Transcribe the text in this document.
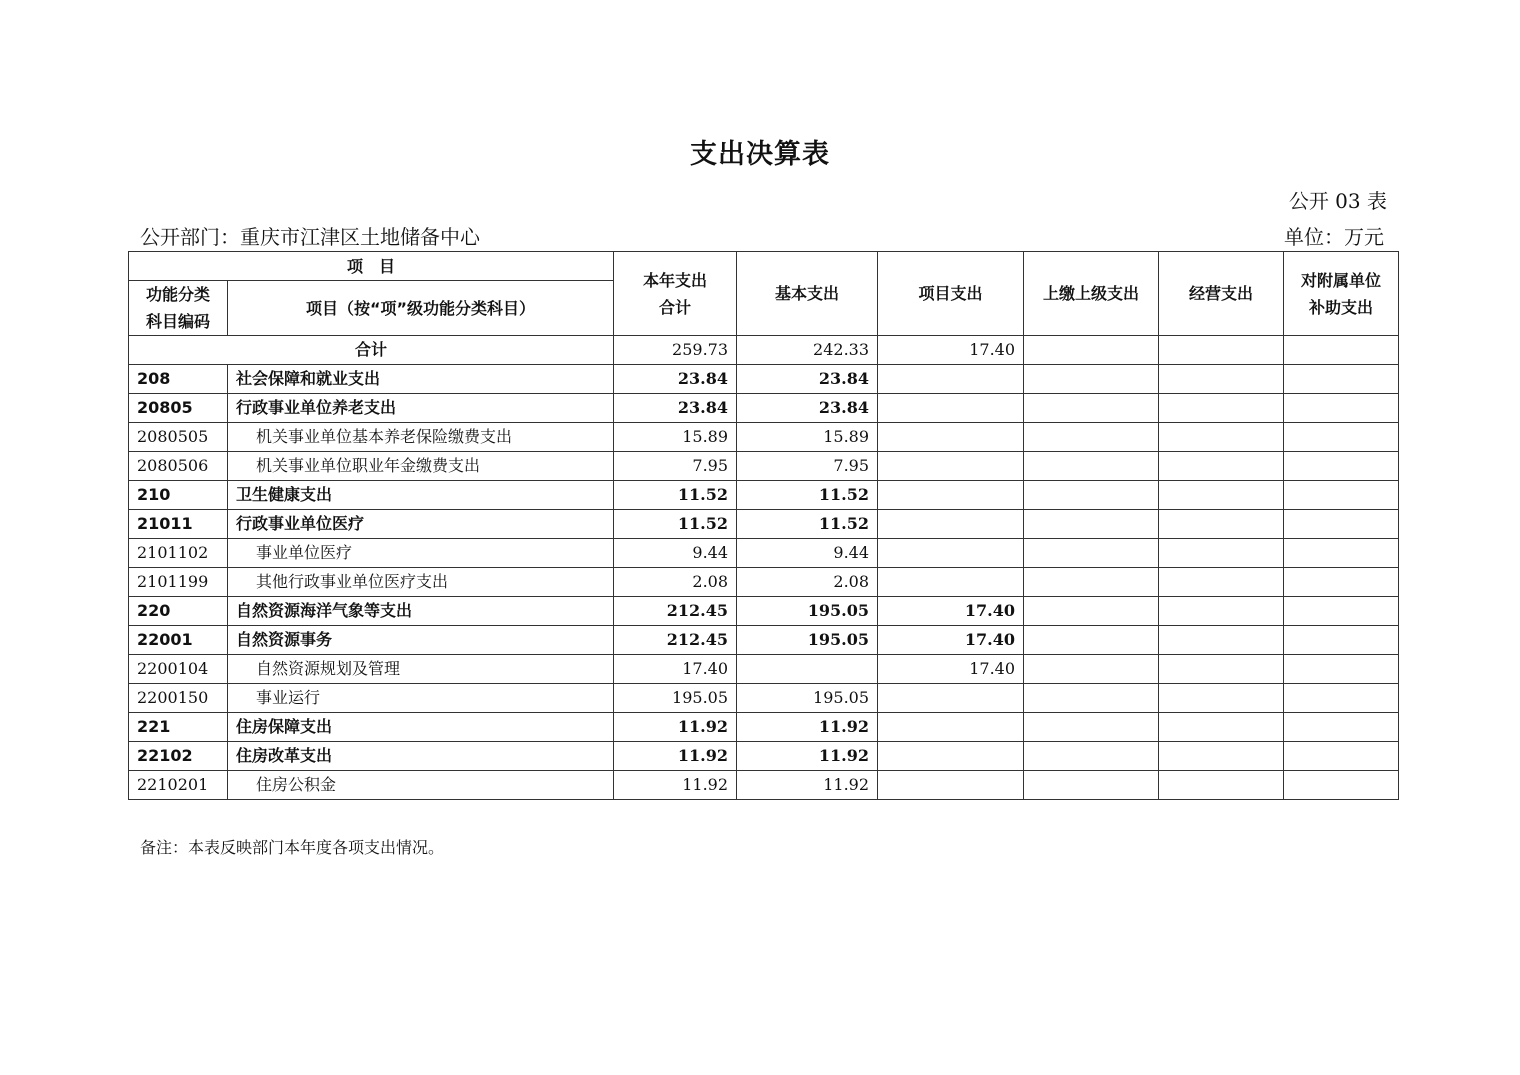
支出决算表
公开 03 表
公开部门：重庆市江津区土地储备中心	单位：万元
项　目		本年支出合计	基本支出	项目支出	上缴上级支出	经营支出	对附属单位补助支出
功能分类科目编码	项目（按“项”级功能分类科目）						
合计		259.73	242.33	17.40			
208	社会保障和就业支出	23.84	23.84				
20805	行政事业单位养老支出	23.84	23.84				
2080505	机关事业单位基本养老保险缴费支出	15.89	15.89				
2080506	机关事业单位职业年金缴费支出	7.95	7.95				
210	卫生健康支出	11.52	11.52				
21011	行政事业单位医疗	11.52	11.52				
2101102	事业单位医疗	9.44	9.44				
2101199	其他行政事业单位医疗支出	2.08	2.08				
220	自然资源海洋气象等支出	212.45	195.05	17.40			
22001	自然资源事务	212.45	195.05	17.40			
2200104	自然资源规划及管理	17.40		17.40			
2200150	事业运行	195.05	195.05				
221	住房保障支出	11.92	11.92				
22102	住房改革支出	11.92	11.92				
2210201	住房公积金	11.92	11.92				
备注：本表反映部门本年度各项支出情况。
